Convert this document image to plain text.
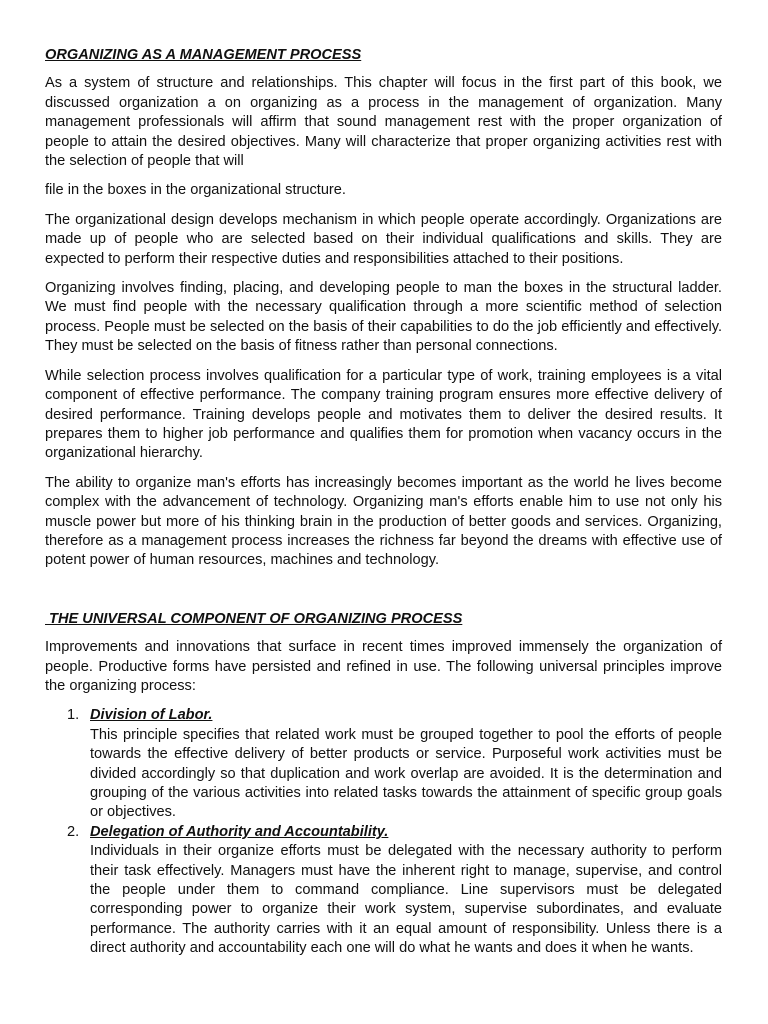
ORGANIZING AS A MANAGEMENT PROCESS

As a system of structure and relationships. This chapter will focus in the first part of this book, we discussed organization a on organizing as a process in the management of organization. Many management professionals will affirm that sound management rest with the proper organization of people to attain the desired objectives. Many will characterize that proper organizing activities rest with the selection of people that will

file in the boxes in the organizational structure.

The organizational design develops mechanism in which people operate accordingly. Organizations are made up of people who are selected based on their individual qualifications and skills. They are expected to perform their respective duties and responsibilities attached to their positions.

Organizing involves finding, placing, and developing people to man the boxes in the structural ladder. We must find people with the necessary qualification through a more scientific method of selection process. People must be selected on the basis of their capabilities to do the job efficiently and effectively. They must be selected on the basis of fitness rather than personal connections.

While selection process involves qualification for a particular type of work, training employees is a vital component of effective performance. The company training program ensures more effective delivery of desired performance. Training develops people and motivates them to deliver the desired results. It prepares them to higher job performance and qualifies them for promotion when vacancy occurs in the organizational hierarchy.

The ability to organize man's efforts has increasingly becomes important as the world he lives become complex with the advancement of technology. Organizing man's efforts enable him to use not only his muscle power but more of his thinking brain in the production of better goods and services. Organizing, therefore as a management process increases the richness far beyond the dreams with effective use of potent power of human resources, machines and technology.

THE UNIVERSAL COMPONENT OF ORGANIZING PROCESS

Improvements and innovations that surface in recent times improved immensely the organization of people. Productive forms have persisted and refined in use. The following universal principles improve the organizing process:

1. Division of Labor.
This principle specifies that related work must be grouped together to pool the efforts of people towards the effective delivery of better products or service. Purposeful work activities must be divided accordingly so that duplication and work overlap are avoided. It is the determination and grouping of the various activities into related tasks towards the attainment of specific group goals or objectives.
2. Delegation of Authority and Accountability.
Individuals in their organize efforts must be delegated with the necessary authority to perform their task effectively. Managers must have the inherent right to manage, supervise, and control the people under them to command compliance. Line supervisors must be delegated corresponding power to organize their work system, supervise subordinates, and evaluate performance. The authority carries with it an equal amount of responsibility. Unless there is a direct authority and accountability each one will do what he wants and does it when he wants.
